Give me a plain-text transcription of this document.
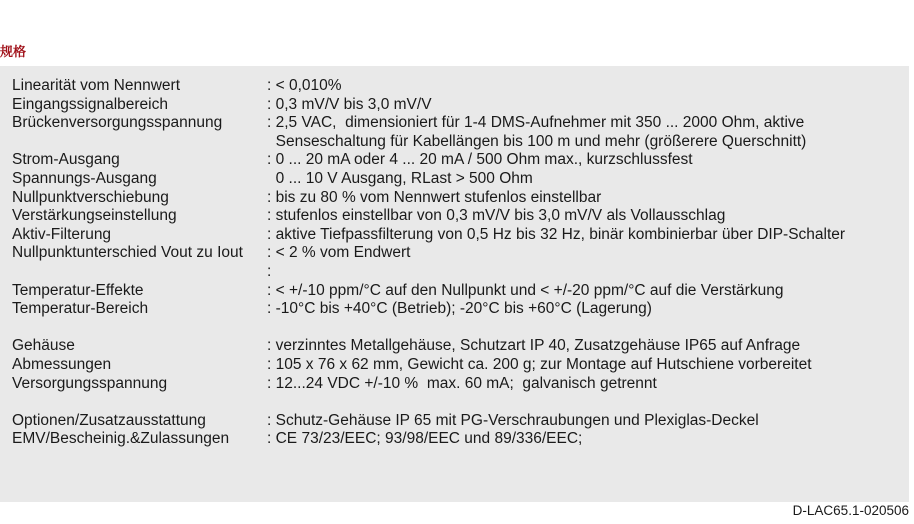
规格
Linearität vom Nennwert	: < 0,010%
Eingangssignalbereich	: 0,3 mV/V bis 3,0 mV/V
Brückenversorgungsspannung	: 2,5 VAC,  dimensioniert für 1-4 DMS-Aufnehmer mit 350 ... 2000 Ohm, aktive
Senseschaltung für Kabellängen bis 100 m und mehr (größerere Querschnitt)
Strom-Ausgang	: 0 ... 20 mA oder 4 ... 20 mA / 500 Ohm max., kurzschlussfest
Spannungs-Ausgang	0 ... 10 V Ausgang, RLast > 500 Ohm
Nullpunktverschiebung	: bis zu 80 % vom Nennwert stufenlos einstellbar
Verstärkungseinstellung	: stufenlos einstellbar von 0,3 mV/V bis 3,0 mV/V als Vollausschlag
Aktiv-Filterung	: aktive Tiefpassfilterung von 0,5 Hz bis 32 Hz, binär kombinierbar über DIP-Schalter
Nullpunktunterschied Vout zu Iout	: < 2 % vom Endwert
:
Temperatur-Effekte	: < +/-10 ppm/°C auf den Nullpunkt und < +/-20 ppm/°C auf die Verstärkung
Temperatur-Bereich	: -10°C bis +40°C (Betrieb); -20°C bis +60°C (Lagerung)
Gehäuse	: verzinntes Metallgehäuse, Schutzart IP 40, Zusatzgehäuse IP65 auf Anfrage
Abmessungen	: 105 x 76 x 62 mm, Gewicht ca. 200 g; zur Montage auf Hutschiene vorbereitet
Versorgungsspannung	: 12...24 VDC +/-10 %  max. 60 mA;  galvanisch getrennt
Optionen/Zusatzausstattung	: Schutz-Gehäuse IP 65 mit PG-Verschraubungen und Plexiglas-Deckel
EMV/Bescheinig.&Zulassungen	: CE 73/23/EEC; 93/98/EEC und 89/336/EEC;
D-LAC65.1-020506
